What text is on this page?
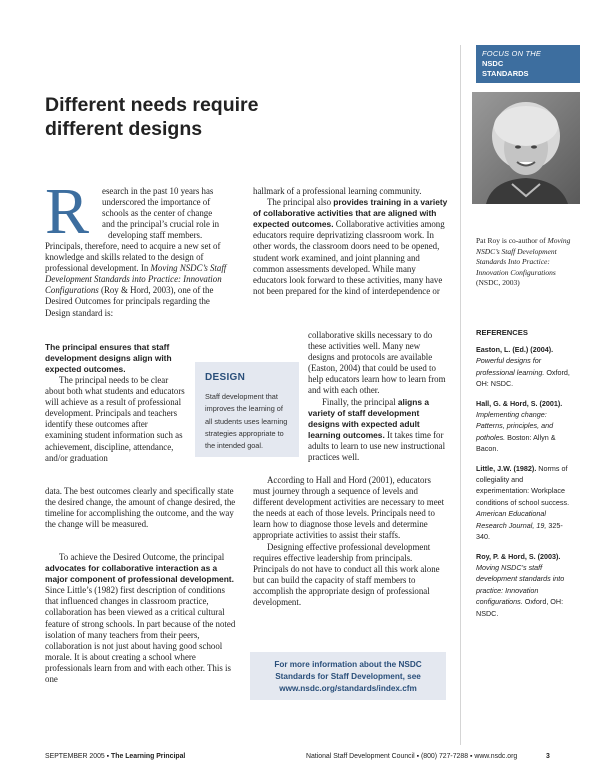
FOCUS ON THE
NSDC
STANDARDS
Pat Roy is co-author of Moving NSDC’s Staff Development Standards Into Practice: Innovation Configurations (NSDC, 2003)
Different needs require
different designs
R esearch in the past 10 years has
underscored the importance of
schools as the center of change
and the principal’s crucial role in
developing staff members.
Principals, therefore, need to acquire a new set of knowledge and skills related to the design of professional development. In Moving NSDC’s Staff Development Standards into Practice: Innovation Configurations (Roy & Hord, 2003), one of the Desired Outcomes for principals regarding the Design standard is:
The principal ensures that staff development designs align with expected outcomes.
The principal needs to be clear about both what students and educators will achieve as a result of professional development. Principals and teachers identify these outcomes after examining student information such as achievement, discipline, attendance, and/or graduation
data. The best outcomes clearly and specifically state the desired change, the amount of change desired, the timeline for accomplishing the outcome, and the way the change will be measured.
To achieve the Desired Outcome, the principal advocates for collaborative interaction as a major component of professional development. Since Little’s (1982) first description of conditions that influenced changes in classroom practice, collaboration has been viewed as a critical cultural feature of strong schools. In part because of the noted isolation of many teachers from their peers, collaboration is not just about having good school morale. It is about creating a school where professionals learn from and with each other. This is one
DESIGN
Staff development that improves the learning of all students uses learning strategies appropriate to the intended goal.

hallmark of a professional learning community.

The principal also provides training in a variety of collaborative activities that are aligned with expected outcomes. Collaborative activities among educators require deprivatizing classroom work. In other words, the classroom doors need to be opened, student work examined, and joint planning and common assessments developed. While many educators look forward to these activities, many have not been prepared for the kind of interdependence or

collaborative skills necessary to do these activities well. Many new designs and protocols are available (Easton, 2004) that could be used to help educators learn how to learn from and with each other.

Finally, the principal aligns a variety of staff development designs with expected adult learning outcomes. It takes time for adults to learn to use new instructional practices well.

According to Hall and Hord (2001), educators must journey through a sequence of levels and different development activities are necessary to meet the needs at each of those levels. Principals need to learn how to diagnose those levels and determine appropriate activities to assist their staffs.

Designing effective professional development requires effective leadership from principals. Principals do not have to conduct all this work alone but can build the capacity of staff members to accomplish the appropriate design of professional development.

For more information about the NSDC
Standards for Staff Development, see
www.nsdc.org/standards/index.cfm
REFERENCES
Easton, L. (Ed.) (2004). Powerful designs for professional learning. Oxford, OH: NSDC.
Hall, G. & Hord, S. (2001). Implementing change: Patterns, principles, and potholes. Boston: Allyn & Bacon.
Little, J.W. (1982). Norms of collegiality and experimentation: Workplace conditions of school success. American Educational Research Journal, 19, 325-340.
Roy, P. & Hord, S. (2003). Moving NSDC’s staff development standards into practice: Innovation configurations. Oxford, OH: NSDC.
SEPTEMBER 2005 ▪ The Learning Principal	National Staff Development Council ▪ (800) 727-7288 ▪ www.nsdc.org	3
